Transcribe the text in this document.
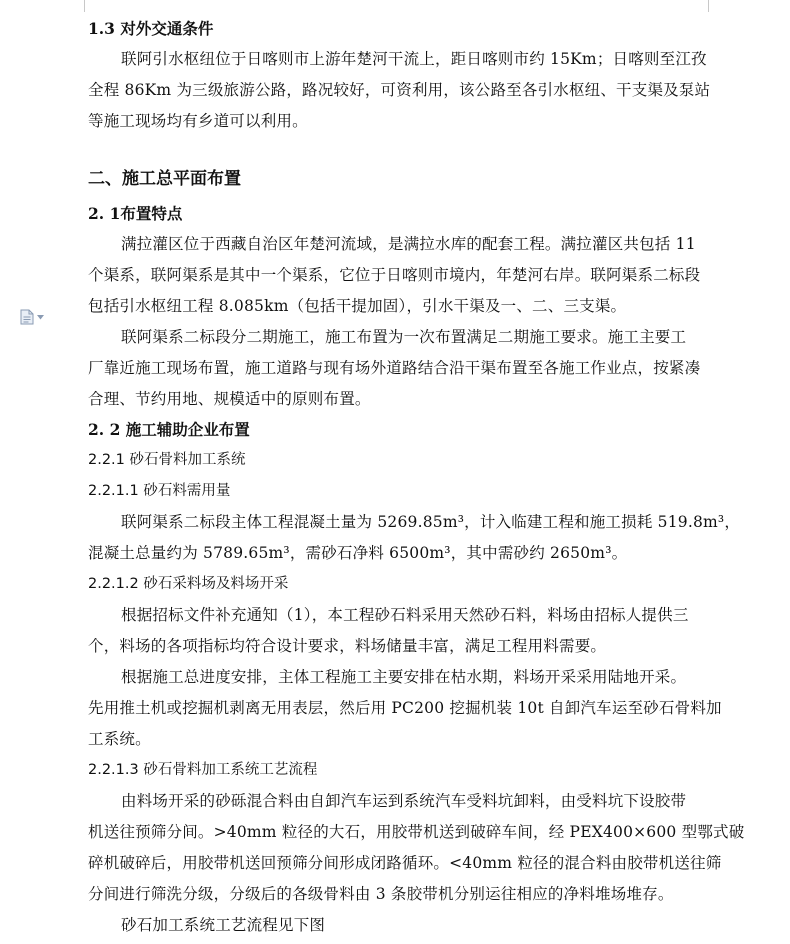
1.3 对外交通条件
联阿引水枢纽位于日喀则市上游年楚河干流上，距日喀则市约 15Km；日喀则至江孜
全程 86Km 为三级旅游公路，路况较好，可资利用，该公路至各引水枢纽、干支渠及泵站
等施工现场均有乡道可以利用。
二、施工总平面布置
2. 1布置特点
满拉灌区位于西藏自治区年楚河流域，是满拉水库的配套工程。满拉灌区共包括 11
个渠系，联阿渠系是其中一个渠系，它位于日喀则市境内，年楚河右岸。联阿渠系二标段
包括引水枢纽工程 8.085km（包括干提加固），引水干渠及一、二、三支渠。
联阿渠系二标段分二期施工，施工布置为一次布置满足二期施工要求。施工主要工
厂靠近施工现场布置，施工道路与现有场外道路结合沿干渠布置至各施工作业点，按紧凑
合理、节约用地、规模适中的原则布置。
2. 2 施工辅助企业布置
2.2.1 砂石骨料加工系统
2.2.1.1 砂石料需用量
联阿渠系二标段主体工程混凝土量为 5269.85m³，计入临建工程和施工损耗 519.8m³，
混凝土总量约为 5789.65m³，需砂石净料 6500m³，其中需砂约 2650m³。
2.2.1.2 砂石采料场及料场开采
根据招标文件补充通知（1），本工程砂石料采用天然砂石料，料场由招标人提供三
个，料场的各项指标均符合设计要求，料场储量丰富，满足工程用料需要。
根据施工总进度安排，主体工程施工主要安排在枯水期，料场开采采用陆地开采。
先用推土机或挖掘机剥离无用表层，然后用 PC200 挖掘机装 10t 自卸汽车运至砂石骨料加
工系统。
2.2.1.3 砂石骨料加工系统工艺流程
由料场开采的砂砾混合料由自卸汽车运到系统汽车受料坑卸料，由受料坑下设胶带
机送往预筛分间。>40mm 粒径的大石，用胶带机送到破碎车间，经 PEX400×600 型鄂式破
碎机破碎后，用胶带机送回预筛分间形成闭路循环。<40mm 粒径的混合料由胶带机送往筛
分间进行筛洗分级，分级后的各级骨料由 3 条胶带机分别运往相应的净料堆场堆存。
砂石加工系统工艺流程见下图
